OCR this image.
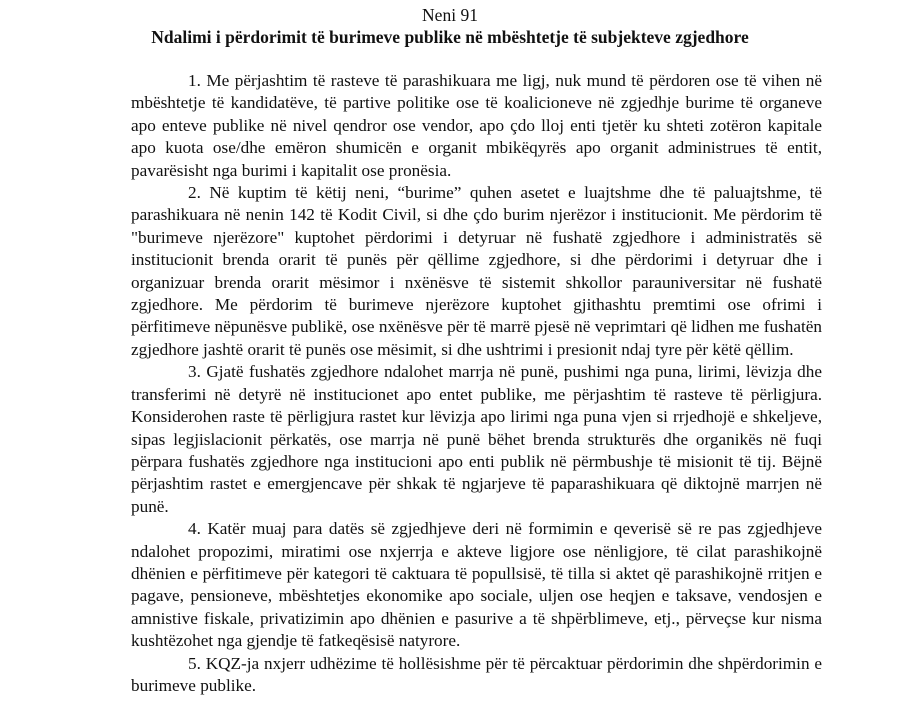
Neni 91
Ndalimi i përdorimit të burimeve publike në mbështetje të subjekteve zgjedhore

1. Me përjashtim të rasteve të parashikuara me ligj, nuk mund të përdoren ose të vihen në mbështetje të kandidatëve, të partive politike ose të koalicioneve në zgjedhje burime të organeve apo enteve publike në nivel qendror ose vendor, apo çdo lloj enti tjetër ku shteti zotëron kapitale apo kuota ose/dhe emëron shumicën e organit mbikëqyrës apo organit administrues të entit, pavarësisht nga burimi i kapitalit ose pronësia.

2. Në kuptim të këtij neni, “burime” quhen asetet e luajtshme dhe të paluajtshme, të parashikuara në nenin 142 të Kodit Civil, si dhe çdo burim njerëzor i institucionit. Me përdorim të "burimeve njerëzore" kuptohet përdorimi i detyruar në fushatë zgjedhore i administratës së institucionit brenda orarit të punës për qëllime zgjedhore, si dhe përdorimi i detyruar dhe i organizuar brenda orarit mësimor i nxënësve të sistemit shkollor parauniversitar në fushatë zgjedhore. Me përdorim të burimeve njerëzore kuptohet gjithashtu premtimi ose ofrimi i përfitimeve nëpunësve publikë, ose nxënësve për të marrë pjesë në veprimtari që lidhen me fushatën zgjedhore jashtë orarit të punës ose mësimit, si dhe ushtrimi i presionit ndaj tyre për këtë qëllim.

3. Gjatë fushatës zgjedhore ndalohet marrja në punë, pushimi nga puna, lirimi, lëvizja dhe transferimi në detyrë në institucionet apo entet publike, me përjashtim të rasteve të përligjura. Konsiderohen raste të përligjura rastet kur lëvizja apo lirimi nga puna vjen si rrjedhojë e shkeljeve, sipas legjislacionit përkatës, ose marrja në punë bëhet brenda strukturës dhe organikës në fuqi përpara fushatës zgjedhore nga institucioni apo enti publik në përmbushje të misionit të tij. Bëjnë përjashtim rastet e emergjencave për shkak të ngjarjeve të paparashikuara që diktojnë marrjen në punë.

4. Katër muaj para datës së zgjedhjeve deri në formimin e qeverisë së re pas zgjedhjeve ndalohet propozimi, miratimi ose nxjerrja e akteve ligjore ose nënligjore, të cilat parashikojnë dhënien e përfitimeve për kategori të caktuara të popullsisë, të tilla si aktet që parashikojnë rritjen e pagave, pensioneve, mbështetjes ekonomike apo sociale, uljen ose heqjen e taksave, vendosjen e amnistive fiskale, privatizimin apo dhënien e pasurive a të shpërblimeve, etj., përveçse kur nisma kushtëzohet nga gjendje të fatkeqësisë natyrore.

5. KQZ-ja nxjerr udhëzime të hollësishme për të përcaktuar përdorimin dhe shpërdorimin e burimeve publike.
